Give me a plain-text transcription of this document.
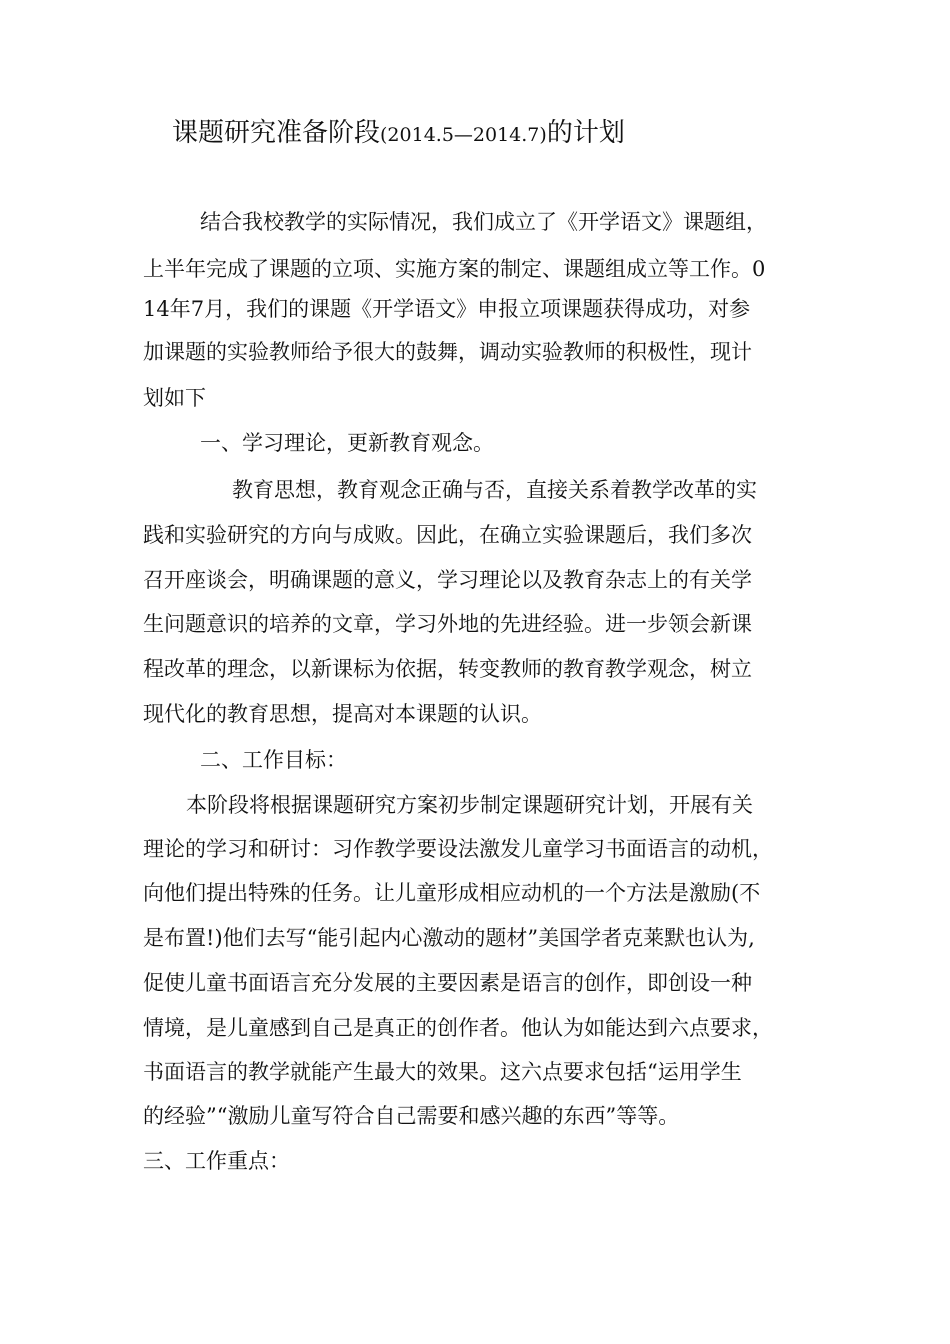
课题研究准备阶段(2014.5—2014.7)的计划

结合我校教学的实际情况，我们成立了《开学语文》课题组，

上半年完成了课题的立项、实施方案的制定、课题组成立等工作。0

14年7月，我们的课题《开学语文》申报立项课题获得成功，对参

加课题的实验教师给予很大的鼓舞，调动实验教师的积极性，现计

划如下

一、学习理论，更新教育观念。

教育思想，教育观念正确与否，直接关系着教学改革的实

践和实验研究的方向与成败。因此，在确立实验课题后，我们多次

召开座谈会，明确课题的意义，学习理论以及教育杂志上的有关学

生问题意识的培养的文章，学习外地的先进经验。进一步领会新课

程改革的理念，以新课标为依据，转变教师的教育教学观念，树立

现代化的教育思想，提高对本课题的认识。

二、工作目标：

本阶段将根据课题研究方案初步制定课题研究计划，开展有关

理论的学习和研讨：习作教学要设法激发儿童学习书面语言的动机，

向他们提出特殊的任务。让儿童形成相应动机的一个方法是激励(不

是布置!)他们去写“能引起内心激动的题材”美国学者克莱默也认为,

促使儿童书面语言充分发展的主要因素是语言的创作，即创设一种

情境，是儿童感到自己是真正的创作者。他认为如能达到六点要求，

书面语言的教学就能产生最大的效果。这六点要求包括“运用学生

的经验”“激励儿童写符合自己需要和感兴趣的东西”等等。

三、工作重点：
